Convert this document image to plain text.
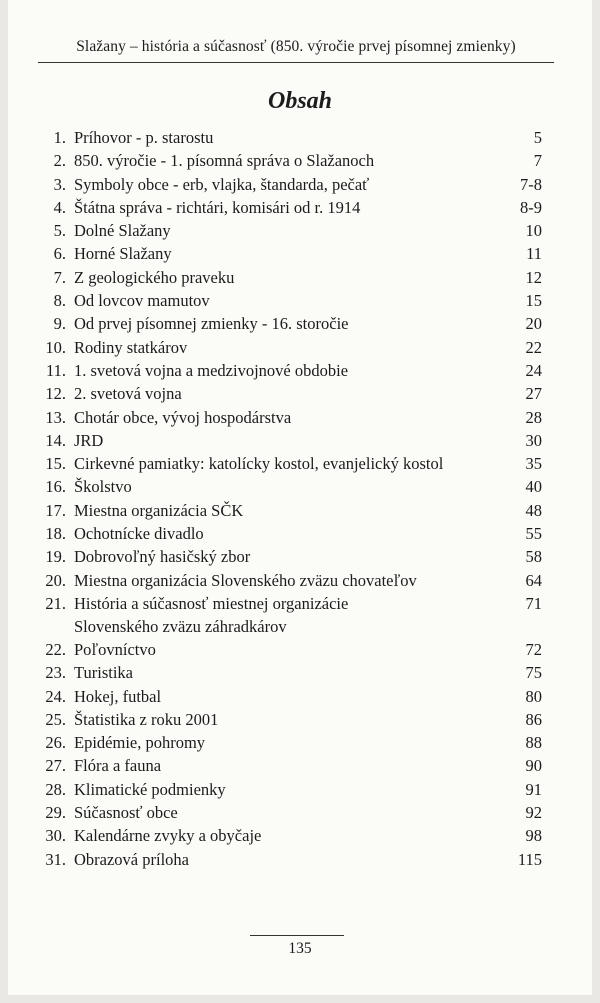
Slažany – história a súčasnosť (850. výročie prvej písomnej zmienky)
Obsah
1. Príhovor - p. starostu	5
2. 850. výročie - 1. písomná správa o Slažanoch	7
3. Symboly obce - erb, vlajka, štandarda, pečať	7-8
4. Štátna správa - richtári, komisári od r. 1914	8-9
5. Dolné Slažany	10
6. Horné Slažany	11
7. Z geologického praveku	12
8. Od lovcov mamutov	15
9. Od prvej písomnej zmienky - 16. storočie	20
10. Rodiny statkárov	22
11. 1. svetová vojna a medzivojnové obdobie	24
12. 2. svetová vojna	27
13. Chotár obce, vývoj hospodárstva	28
14. JRD	30
15. Cirkevné pamiatky: katolícky kostol, evanjelický kostol	35
16. Školstvo	40
17. Miestna organizácia SČK	48
18. Ochotnícke divadlo	55
19. Dobrovoľný hasičský zbor	58
20. Miestna organizácia Slovenského zväzu chovateľov	64
21. História a súčasnosť miestnej organizácie
Slovenského zväzu záhradkárov
71
22. Poľovníctvo	72
23. Turistika	75
24. Hokej, futbal	80
25. Štatistika z roku 2001	86
26. Epidémie, pohromy	88
27. Flóra a fauna	90
28. Klimatické podmienky	91
29. Súčasnosť obce	92
30. Kalendárne zvyky a obyčaje	98
31. Obrazová príloha	115
135
